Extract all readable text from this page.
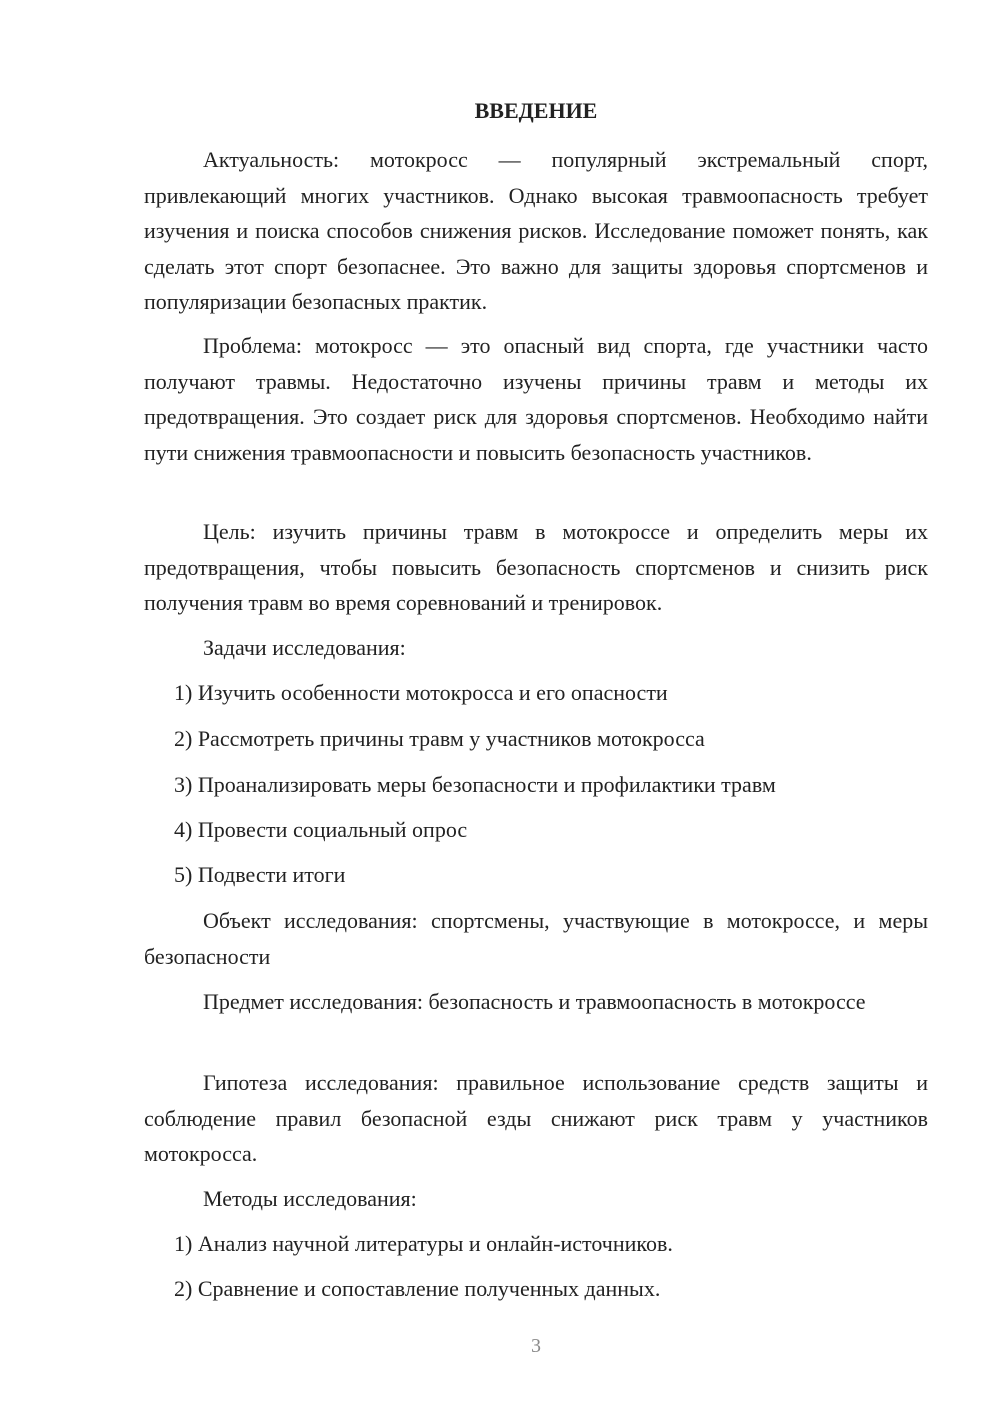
ВВЕДЕНИЕ

Актуальность: мотокросс — популярный экстремальный спорт, привлекающий многих участников. Однако высокая травмоопасность требует изучения и поиска способов снижения рисков. Исследование поможет понять, как сделать этот спорт безопаснее. Это важно для защиты здоровья спортсменов и популяризации безопасных практик.

Проблема: мотокросс — это опасный вид спорта, где участники часто получают травмы. Недостаточно изучены причины травм и методы их предотвращения. Это создает риск для здоровья спортсменов. Необходимо найти пути снижения травмоопасности и повысить безопасность участников.

Цель: изучить причины травм в мотокроссе и определить меры их предотвращения, чтобы повысить безопасность спортсменов и снизить риск получения травм во время соревнований и тренировок.

Задачи исследования:

1) Изучить особенности мотокросса и его опасности

2) Рассмотреть причины травм у участников мотокросса

3) Проанализировать меры безопасности и профилактики травм

4) Провести социальный опрос

5) Подвести итоги

Объект исследования: спортсмены, участвующие в мотокроссе, и меры безопасности

Предмет исследования: безопасность и травмоопасность в мотокроссе

Гипотеза исследования: правильное использование средств защиты и соблюдение правил безопасной езды снижают риск травм у участников мотокросса.

Методы исследования:

1) Анализ научной литературы и онлайн-источников.

2) Сравнение и сопоставление полученных данных.

3
